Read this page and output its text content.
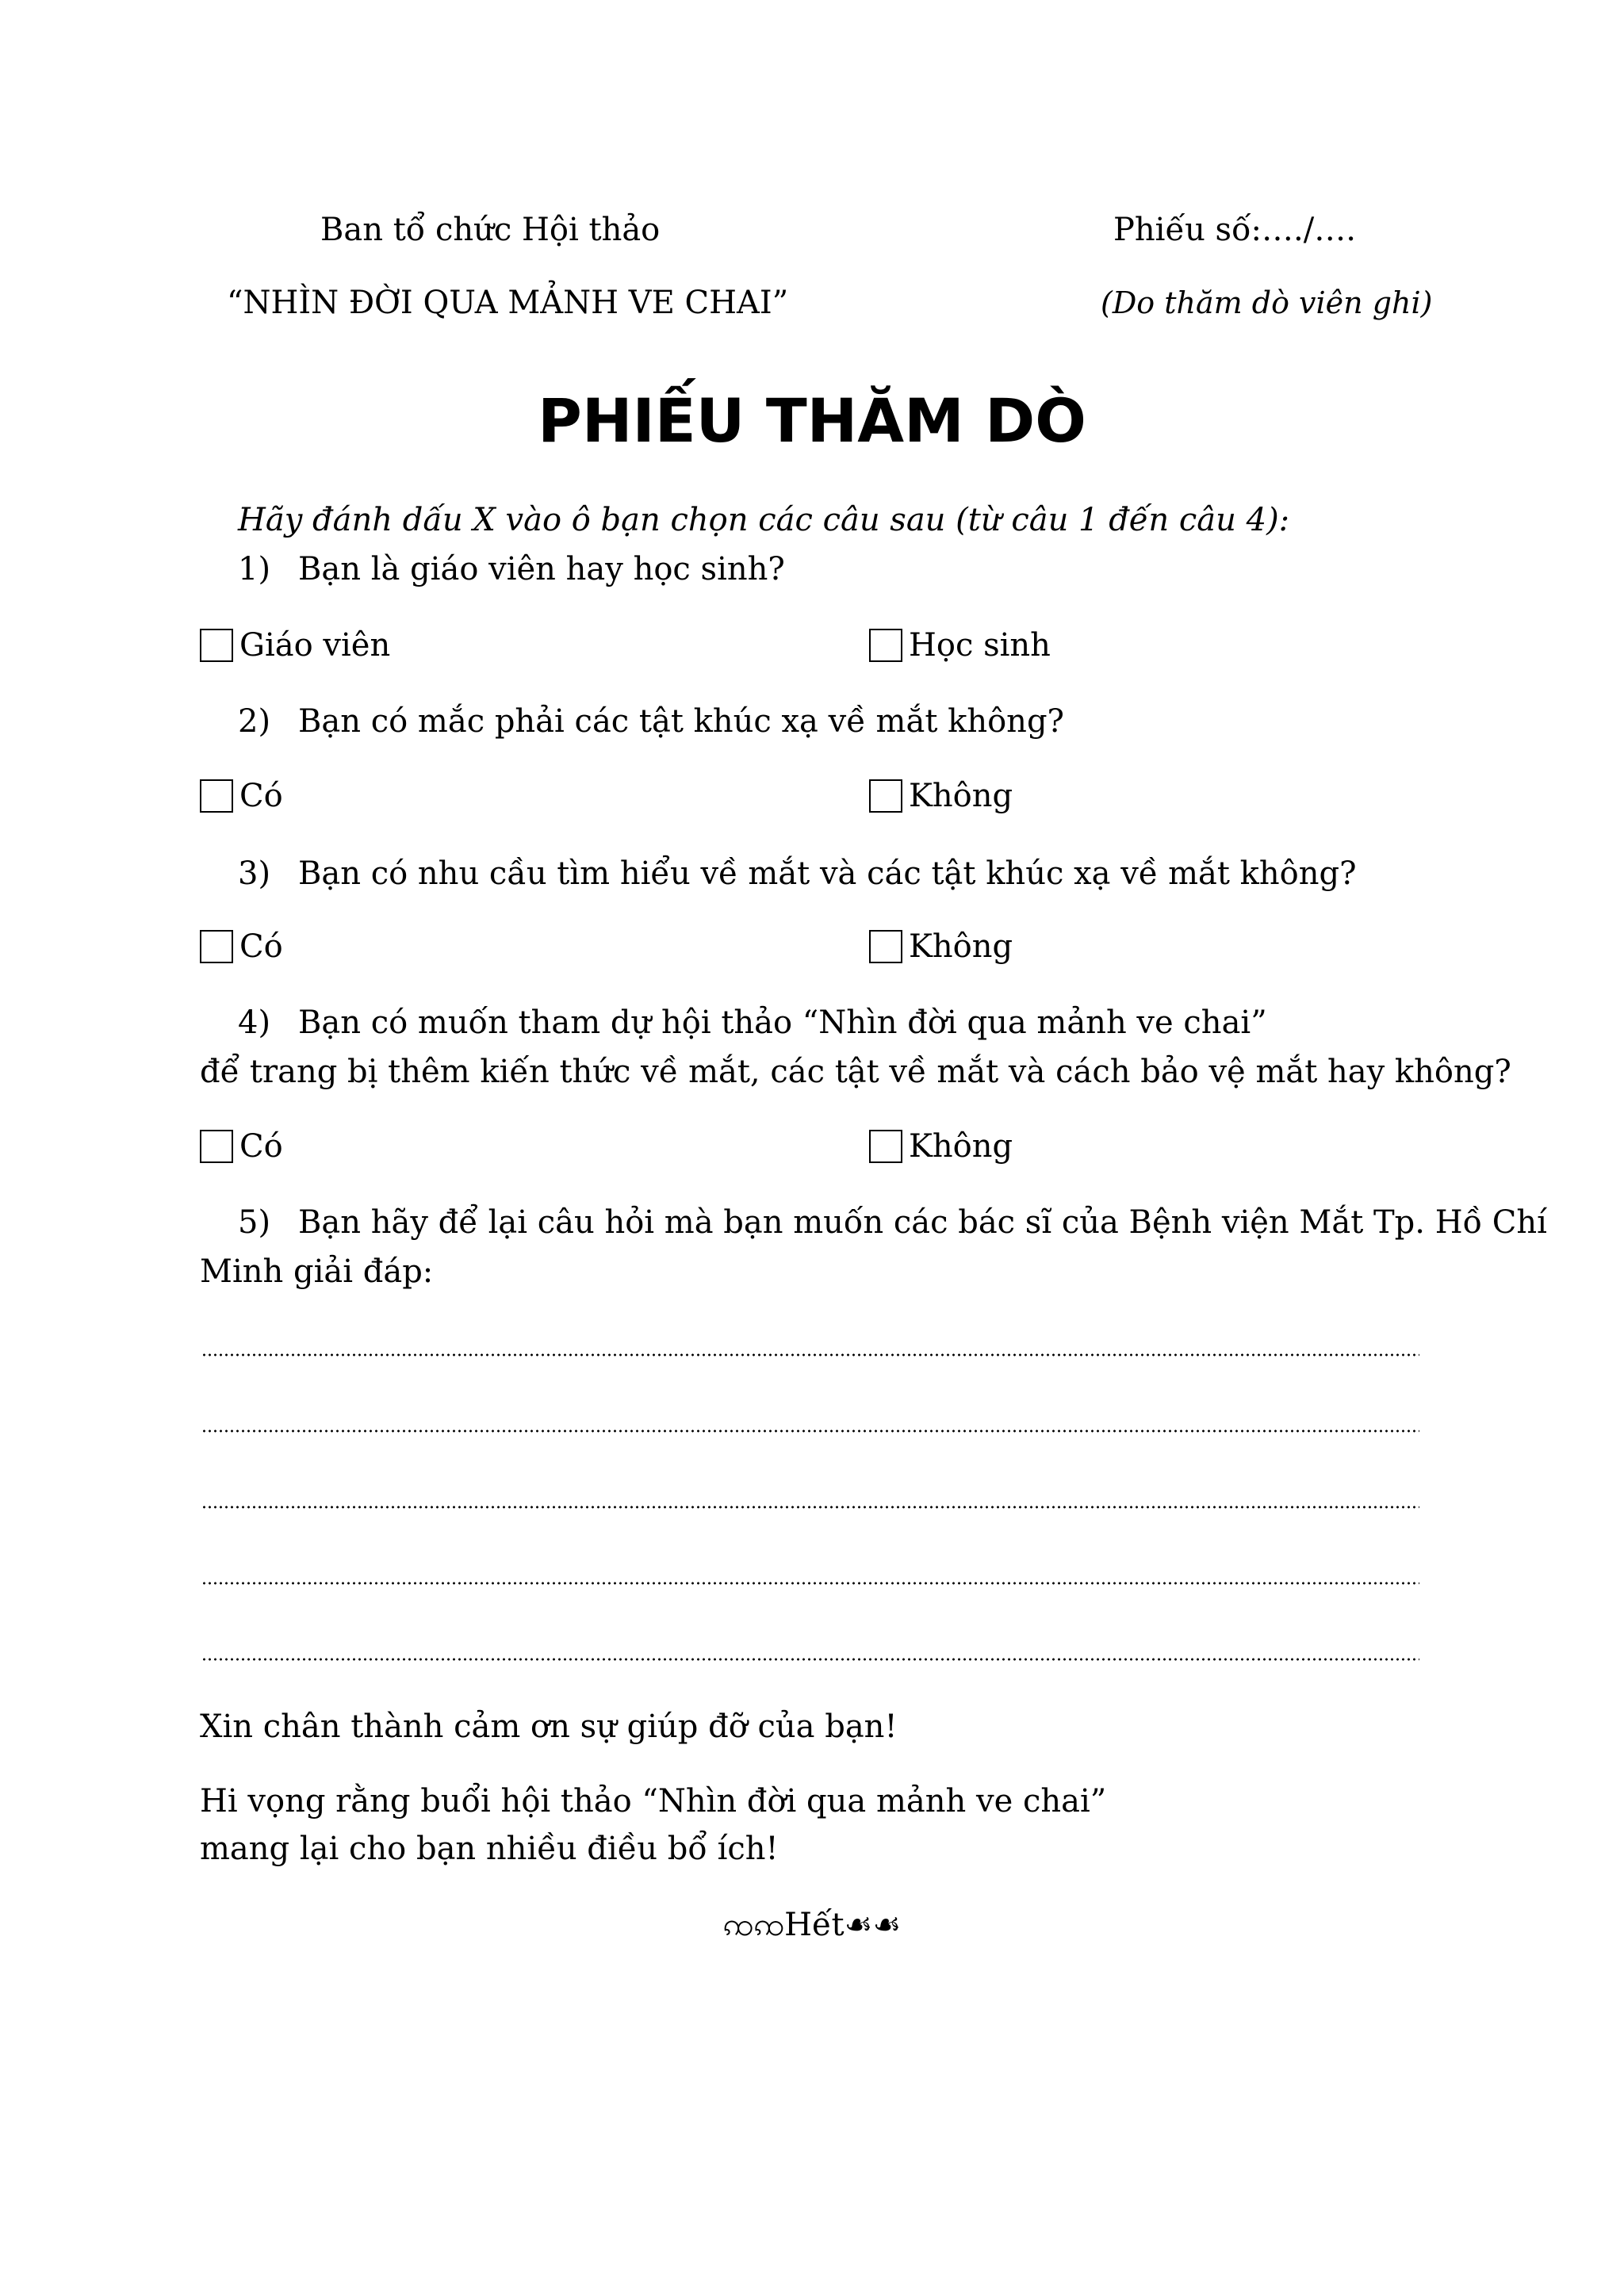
Ban tổ chức Hội thảo
“NHÌN ĐỜI QUA MẢNH VE CHAI”
Phiếu số:…./….
(Do thăm dò viên ghi)
PHIẾU THĂM DÒ
Hãy đánh dấu X vào ô bạn chọn các câu sau (từ câu 1 đến câu 4):
1) Bạn là giáo viên hay học sinh?
Giáo viên	Học sinh
2) Bạn có mắc phải các tật khúc xạ về mắt không?
Có	Không
3) Bạn có nhu cầu tìm hiểu về mắt và các tật khúc xạ về mắt không?
Có	Không
4) Bạn có muốn tham dự hội thảo “Nhìn đời qua mảnh ve chai”
để trang bị thêm kiến thức về mắt, các tật về mắt và cách bảo vệ mắt hay không?
Có	Không
5) Bạn hãy để lại câu hỏi mà bạn muốn các bác sĩ của Bệnh viện Mắt Tp. Hồ Chí
Minh giải đáp:
Xin chân thành cảm ơn sự giúp đỡ của bạn!
Hi vọng rằng buổi hội thảo “Nhìn đời qua mảnh ve chai”
mang lại cho bạn nhiều điều bổ ích!
ꩡꩡHết☙☙
